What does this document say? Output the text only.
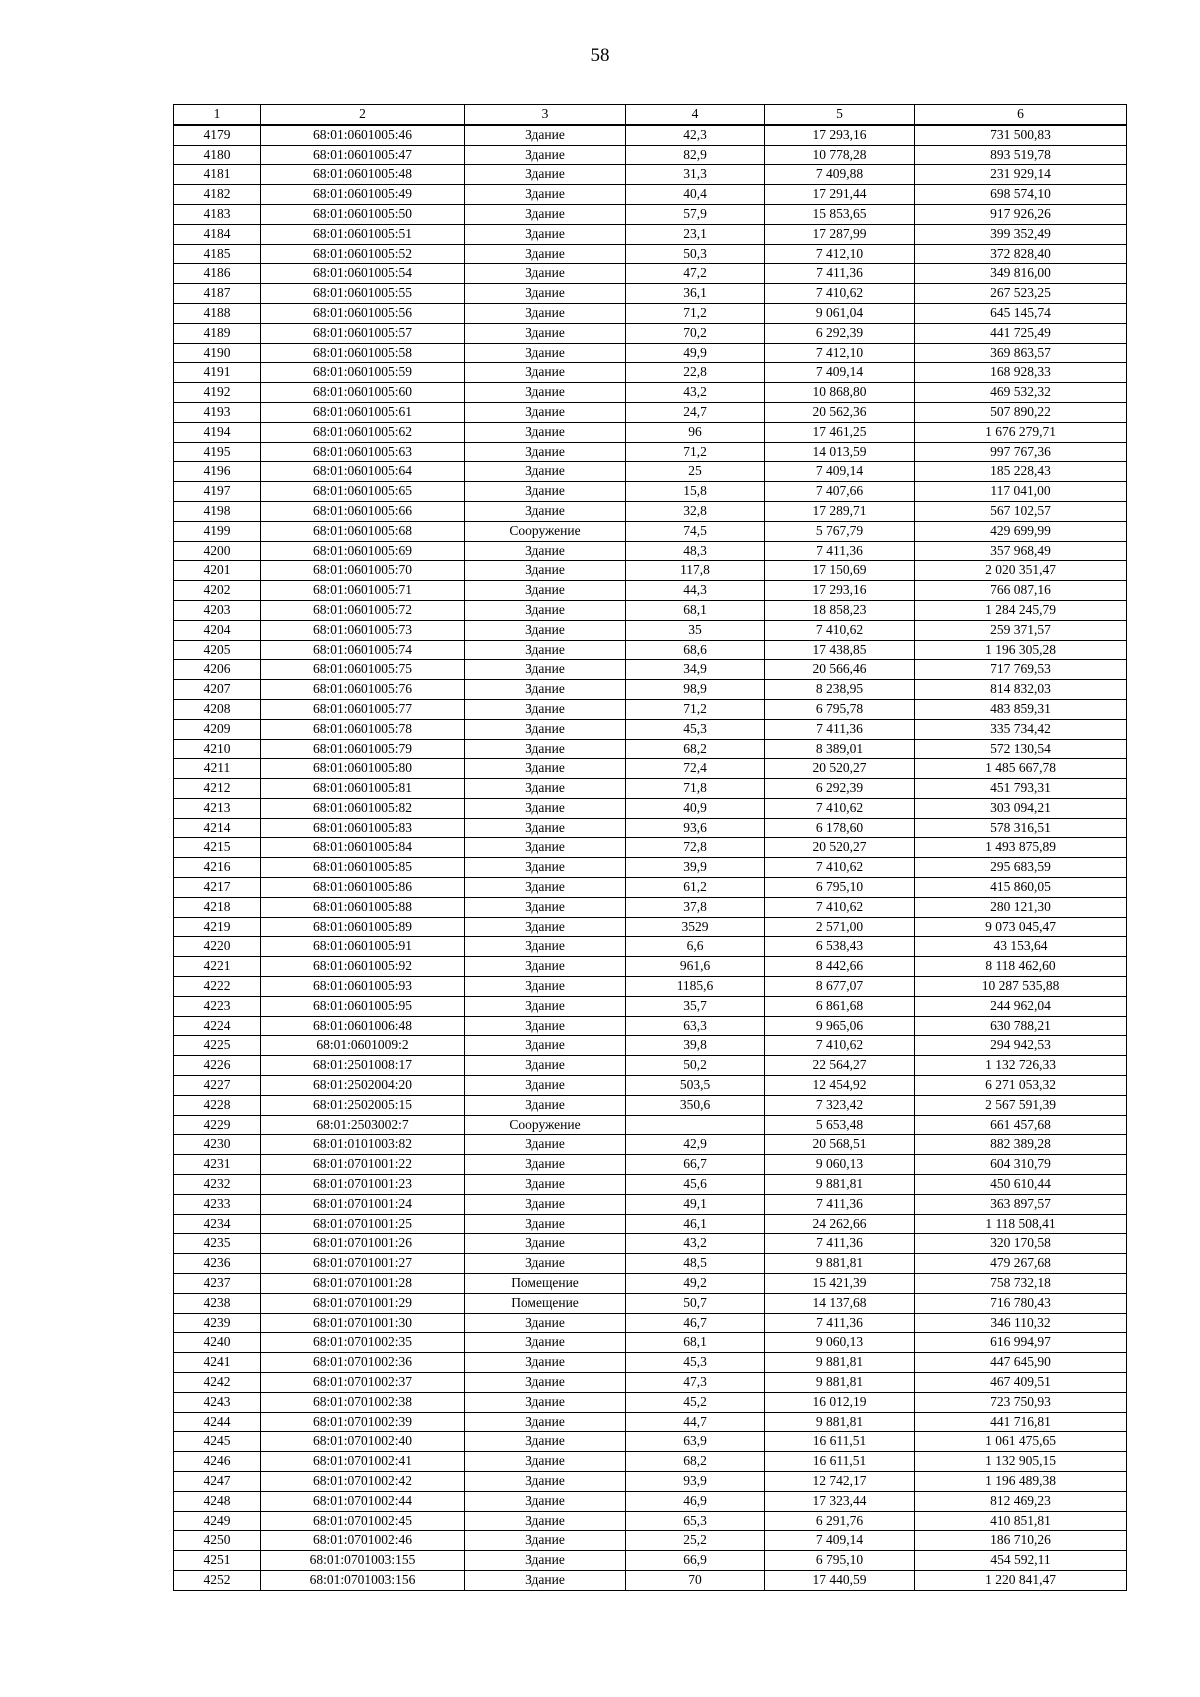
58
1	2	3	4	5	6
4179	68:01:0601005:46	Здание	42,3	17 293,16	731 500,83
4180	68:01:0601005:47	Здание	82,9	10 778,28	893 519,78
4181	68:01:0601005:48	Здание	31,3	7 409,88	231 929,14
4182	68:01:0601005:49	Здание	40,4	17 291,44	698 574,10
4183	68:01:0601005:50	Здание	57,9	15 853,65	917 926,26
4184	68:01:0601005:51	Здание	23,1	17 287,99	399 352,49
4185	68:01:0601005:52	Здание	50,3	7 412,10	372 828,40
4186	68:01:0601005:54	Здание	47,2	7 411,36	349 816,00
4187	68:01:0601005:55	Здание	36,1	7 410,62	267 523,25
4188	68:01:0601005:56	Здание	71,2	9 061,04	645 145,74
4189	68:01:0601005:57	Здание	70,2	6 292,39	441 725,49
4190	68:01:0601005:58	Здание	49,9	7 412,10	369 863,57
4191	68:01:0601005:59	Здание	22,8	7 409,14	168 928,33
4192	68:01:0601005:60	Здание	43,2	10 868,80	469 532,32
4193	68:01:0601005:61	Здание	24,7	20 562,36	507 890,22
4194	68:01:0601005:62	Здание	96	17 461,25	1 676 279,71
4195	68:01:0601005:63	Здание	71,2	14 013,59	997 767,36
4196	68:01:0601005:64	Здание	25	7 409,14	185 228,43
4197	68:01:0601005:65	Здание	15,8	7 407,66	117 041,00
4198	68:01:0601005:66	Здание	32,8	17 289,71	567 102,57
4199	68:01:0601005:68	Сооружение	74,5	5 767,79	429 699,99
4200	68:01:0601005:69	Здание	48,3	7 411,36	357 968,49
4201	68:01:0601005:70	Здание	117,8	17 150,69	2 020 351,47
4202	68:01:0601005:71	Здание	44,3	17 293,16	766 087,16
4203	68:01:0601005:72	Здание	68,1	18 858,23	1 284 245,79
4204	68:01:0601005:73	Здание	35	7 410,62	259 371,57
4205	68:01:0601005:74	Здание	68,6	17 438,85	1 196 305,28
4206	68:01:0601005:75	Здание	34,9	20 566,46	717 769,53
4207	68:01:0601005:76	Здание	98,9	8 238,95	814 832,03
4208	68:01:0601005:77	Здание	71,2	6 795,78	483 859,31
4209	68:01:0601005:78	Здание	45,3	7 411,36	335 734,42
4210	68:01:0601005:79	Здание	68,2	8 389,01	572 130,54
4211	68:01:0601005:80	Здание	72,4	20 520,27	1 485 667,78
4212	68:01:0601005:81	Здание	71,8	6 292,39	451 793,31
4213	68:01:0601005:82	Здание	40,9	7 410,62	303 094,21
4214	68:01:0601005:83	Здание	93,6	6 178,60	578 316,51
4215	68:01:0601005:84	Здание	72,8	20 520,27	1 493 875,89
4216	68:01:0601005:85	Здание	39,9	7 410,62	295 683,59
4217	68:01:0601005:86	Здание	61,2	6 795,10	415 860,05
4218	68:01:0601005:88	Здание	37,8	7 410,62	280 121,30
4219	68:01:0601005:89	Здание	3529	2 571,00	9 073 045,47
4220	68:01:0601005:91	Здание	6,6	6 538,43	43 153,64
4221	68:01:0601005:92	Здание	961,6	8 442,66	8 118 462,60
4222	68:01:0601005:93	Здание	1185,6	8 677,07	10 287 535,88
4223	68:01:0601005:95	Здание	35,7	6 861,68	244 962,04
4224	68:01:0601006:48	Здание	63,3	9 965,06	630 788,21
4225	68:01:0601009:2	Здание	39,8	7 410,62	294 942,53
4226	68:01:2501008:17	Здание	50,2	22 564,27	1 132 726,33
4227	68:01:2502004:20	Здание	503,5	12 454,92	6 271 053,32
4228	68:01:2502005:15	Здание	350,6	7 323,42	2 567 591,39
4229	68:01:2503002:7	Сооружение		5 653,48	661 457,68
4230	68:01:0101003:82	Здание	42,9	20 568,51	882 389,28
4231	68:01:0701001:22	Здание	66,7	9 060,13	604 310,79
4232	68:01:0701001:23	Здание	45,6	9 881,81	450 610,44
4233	68:01:0701001:24	Здание	49,1	7 411,36	363 897,57
4234	68:01:0701001:25	Здание	46,1	24 262,66	1 118 508,41
4235	68:01:0701001:26	Здание	43,2	7 411,36	320 170,58
4236	68:01:0701001:27	Здание	48,5	9 881,81	479 267,68
4237	68:01:0701001:28	Помещение	49,2	15 421,39	758 732,18
4238	68:01:0701001:29	Помещение	50,7	14 137,68	716 780,43
4239	68:01:0701001:30	Здание	46,7	7 411,36	346 110,32
4240	68:01:0701002:35	Здание	68,1	9 060,13	616 994,97
4241	68:01:0701002:36	Здание	45,3	9 881,81	447 645,90
4242	68:01:0701002:37	Здание	47,3	9 881,81	467 409,51
4243	68:01:0701002:38	Здание	45,2	16 012,19	723 750,93
4244	68:01:0701002:39	Здание	44,7	9 881,81	441 716,81
4245	68:01:0701002:40	Здание	63,9	16 611,51	1 061 475,65
4246	68:01:0701002:41	Здание	68,2	16 611,51	1 132 905,15
4247	68:01:0701002:42	Здание	93,9	12 742,17	1 196 489,38
4248	68:01:0701002:44	Здание	46,9	17 323,44	812 469,23
4249	68:01:0701002:45	Здание	65,3	6 291,76	410 851,81
4250	68:01:0701002:46	Здание	25,2	7 409,14	186 710,26
4251	68:01:0701003:155	Здание	66,9	6 795,10	454 592,11
4252	68:01:0701003:156	Здание	70	17 440,59	1 220 841,47
